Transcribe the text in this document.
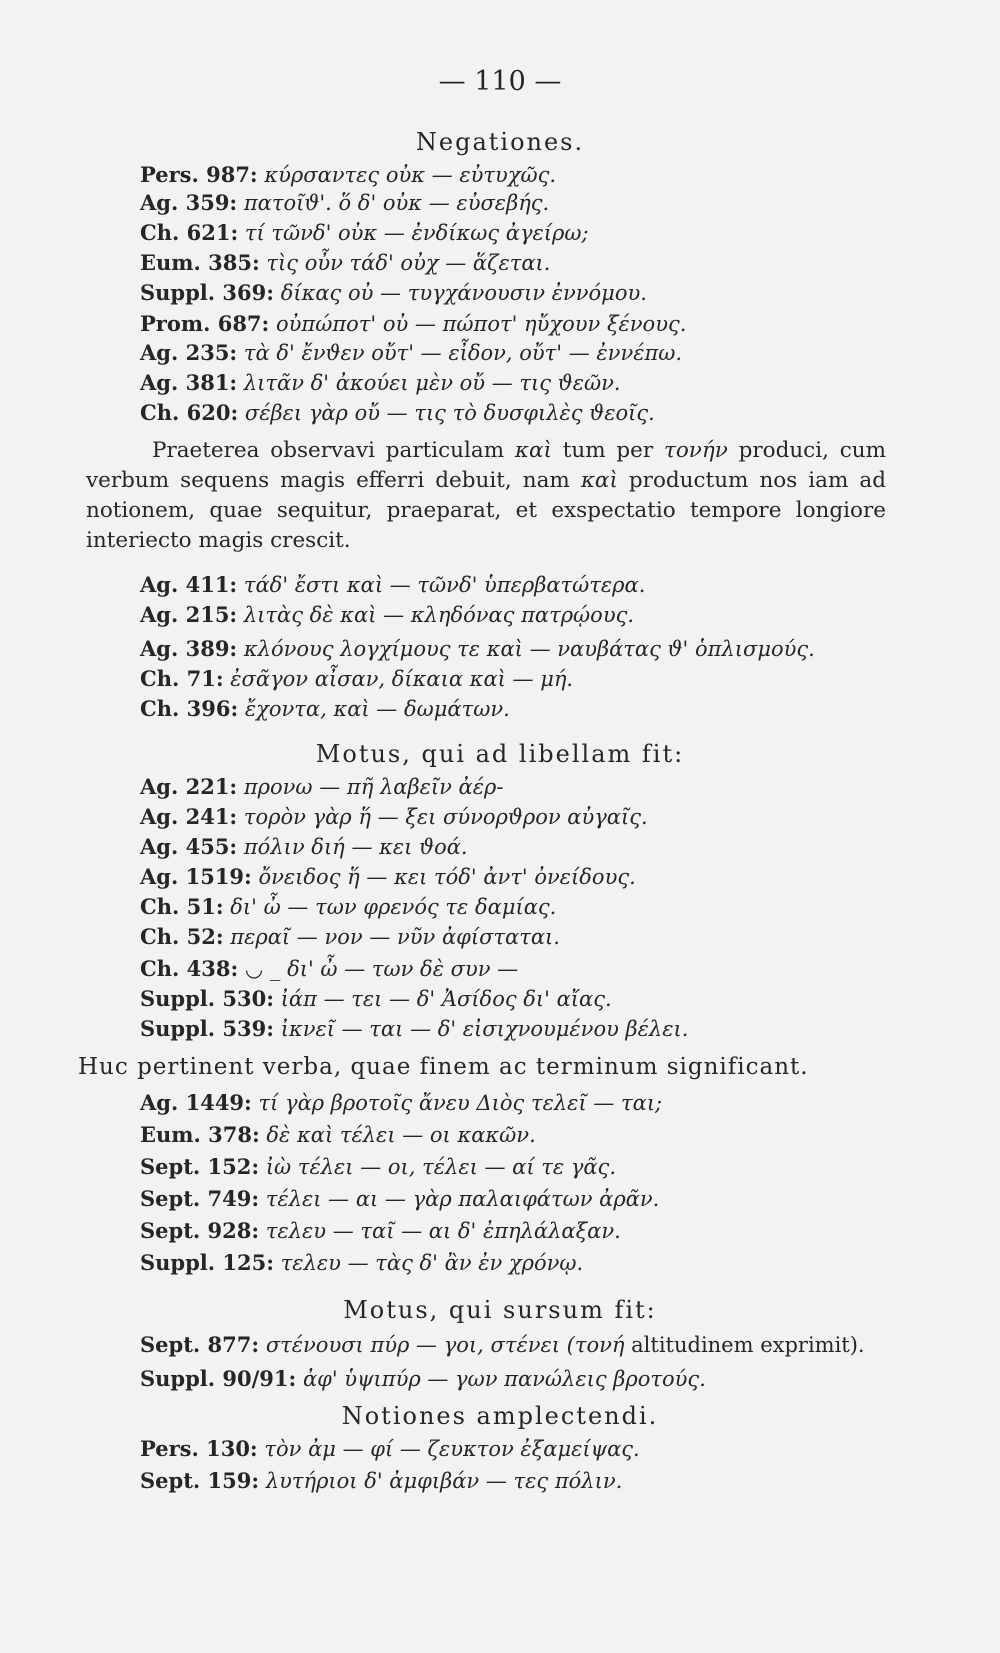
— 110 —
Negationes.
Pers. 987: κύρσαντες οὐκ — εὐτυχῶς.
Ag. 359: πατοῖϑ'. ὅ δ' οὐκ — εὐσεβής.
Ch. 621: τί τῶνδ' οὐκ — ἐνδίκως ἀγείρω;
Eum. 385: τὶς οὖν τάδ' οὐχ — ἅζεται.
Suppl. 369: δίκας οὐ — τυγχάνουσιν ἐννόμου.
Prom. 687: οὐπώποτ' οὐ — πώποτ' ηὔχουν ξένους.
Ag. 235: τὰ δ' ἔνϑεν οὔτ' — εἶδον, οὔτ' — ἐννέπω.
Ag. 381: λιτᾶν δ' ἀκούει μὲν οὔ — τις ϑεῶν.
Ch. 620: σέβει γὰρ οὔ — τις τὸ δυσφιλὲς ϑεοῖς.
Praeterea observavi particulam καὶ tum per τονήν produci, cum verbum sequens magis efferri debuit, nam καὶ productum nos iam ad notionem, quae sequitur, praeparat, et exspectatio tempore longiore interiecto magis crescit.
Ag. 411: τάδ' ἔστι καὶ — τῶνδ' ὑπερβατώτερα.
Ag. 215: λιτὰς δὲ καὶ — κληδόνας πατρῴους.
Ag. 389: κλόνους λογχίμους τε καὶ — ναυβάτας ϑ' ὁπλισμούς.
Ch. 71: ἐσᾶγον αἶσαν, δίκαια καὶ — μή.
Ch. 396: ἔχοντα, καὶ — δωμάτων.
Motus, qui ad libellam fit:
Ag. 221: προνω — πῆ λαβεῖν ἀέρ-
Ag. 241: τορὸν γὰρ ἥ — ξει σύνορϑρον αὐγαῖς.
Ag. 455: πόλιν διή — κει ϑοά.
Ag. 1519: ὄνειδος ἥ — κει τόδ' ἀντ' ὀνείδους.
Ch. 51: δι' ὦ — των φρενός τε δαμίας.
Ch. 52: περαῖ — νον — νῦν ἀφίσταται.
Ch. 438: ◡ _ δι' ὦ — των δὲ συν —
Suppl. 530: ἰάπ — τει — δ' Ἀσίδος δι' αἴας.
Suppl. 539: ἰκνεῖ — ται — δ' εἰσιχνουμένου βέλει.
Huc pertinent verba, quae finem ac terminum significant.
Ag. 1449: τί γὰρ βροτοῖς ἄνευ Διὸς τελεῖ — ται;
Eum. 378: δὲ καὶ τέλει — οι κακῶν.
Sept. 152: ἰὼ τέλει — οι, τέλει — αί τε γᾶς.
Sept. 749: τέλει — αι — γὰρ παλαιφάτων ἀρᾶν.
Sept. 928: τελευ — ταῖ — αι δ' ἐπηλάλαξαν.
Suppl. 125: τελευ — τὰς δ' ἂν ἐν χρόνῳ.
Motus, qui sursum fit:
Sept. 877: στένουσι πύρ — γοι, στένει (τονή altitudinem exprimit).
Suppl. 90/91: ἀφ' ὑψιπύρ — γων πανώλεις βροτούς.
Notiones amplectendi.
Pers. 130: τὸν ἀμ — φί — ζευκτον ἐξαμείψας.
Sept. 159: λυτήριοι δ' ἀμφιβάν — τες πόλιν.
